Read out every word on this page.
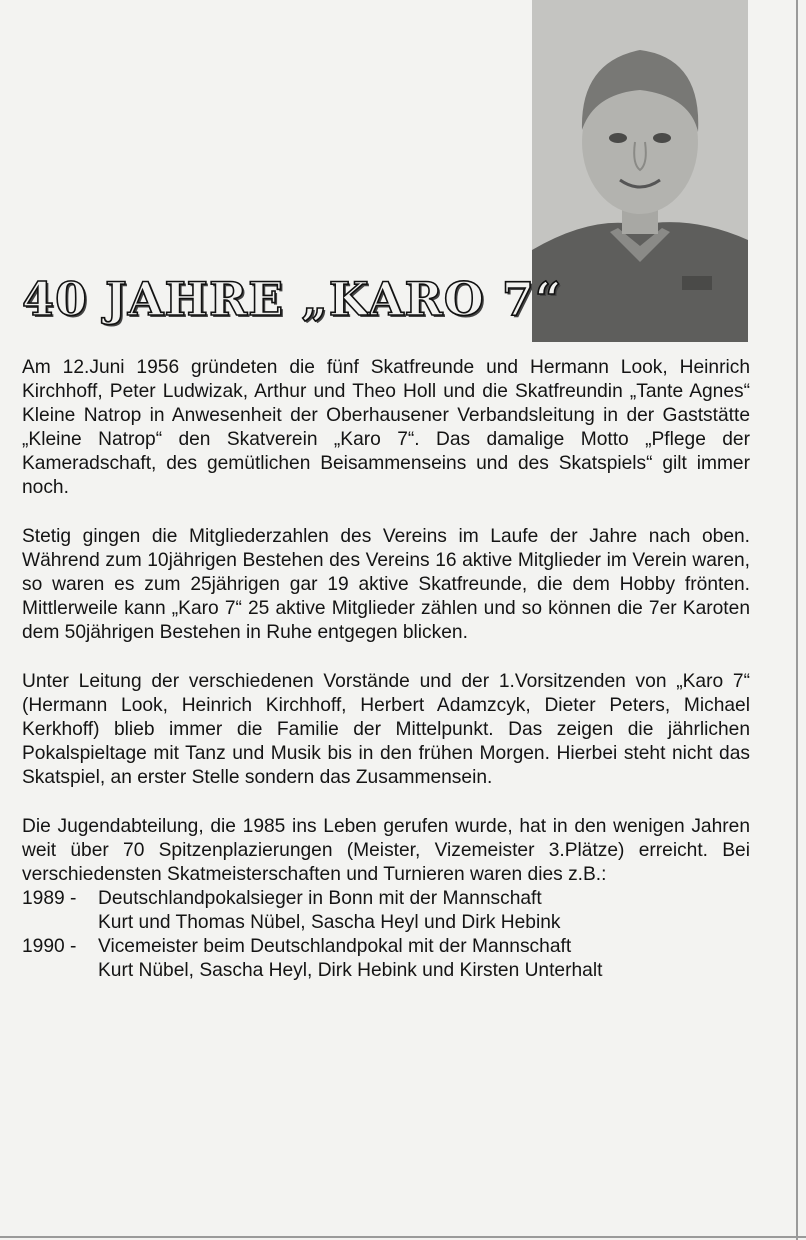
40 JAHRE „KARO 7“

Am 12.Juni 1956 gründeten die fünf Skatfreunde und Hermann Look, Heinrich Kirchhoff, Peter Ludwizak, Arthur und Theo Holl und die Skatfreundin „Tante Agnes“ Kleine Natrop in Anwesenheit der Oberhausener Verbandsleitung in der Gaststätte „Kleine Natrop“ den Skatverein „Karo 7“. Das damalige Motto „Pflege der Kameradschaft, des gemütlichen Beisammenseins und des Skatspiels“ gilt immer noch.

Stetig gingen die Mitgliederzahlen des Vereins im Laufe der Jahre nach oben. Während zum 10jährigen Bestehen des Vereins 16 aktive Mitglieder im Verein waren, so waren es zum 25jährigen gar 19 aktive Skatfreunde, die dem Hobby frönten. Mittlerweile kann „Karo 7“ 25 aktive Mitglieder zählen und so können die 7er Karoten dem 50jährigen Bestehen in Ruhe entgegen blicken.

Unter Leitung der verschiedenen Vorstände und der 1.Vorsitzenden von „Karo 7“ (Hermann Look, Heinrich Kirchhoff, Herbert Adamzcyk, Dieter Peters, Michael Kerkhoff) blieb immer die Familie der Mittelpunkt. Das zeigen die jährlichen Pokalspieltage mit Tanz und Musik bis in den frühen Morgen. Hierbei steht nicht das Skatspiel, an erster Stelle sondern das Zusammensein.

Die Jugendabteilung, die 1985 ins Leben gerufen wurde, hat in den wenigen Jahren weit über 70 Spitzenplazierungen (Meister, Vizemeister 3.Plätze) erreicht. Bei verschiedensten Skatmeisterschaften und Turnieren waren dies z.B.:

1989 -	Deutschlandpokalsieger in Bonn mit der Mannschaft
Kurt und Thomas Nübel, Sascha Heyl und Dirk Hebink
1990 -	Vicemeister beim Deutschlandpokal mit der Mannschaft
Kurt Nübel, Sascha Heyl, Dirk Hebink und Kirsten Unterhalt
